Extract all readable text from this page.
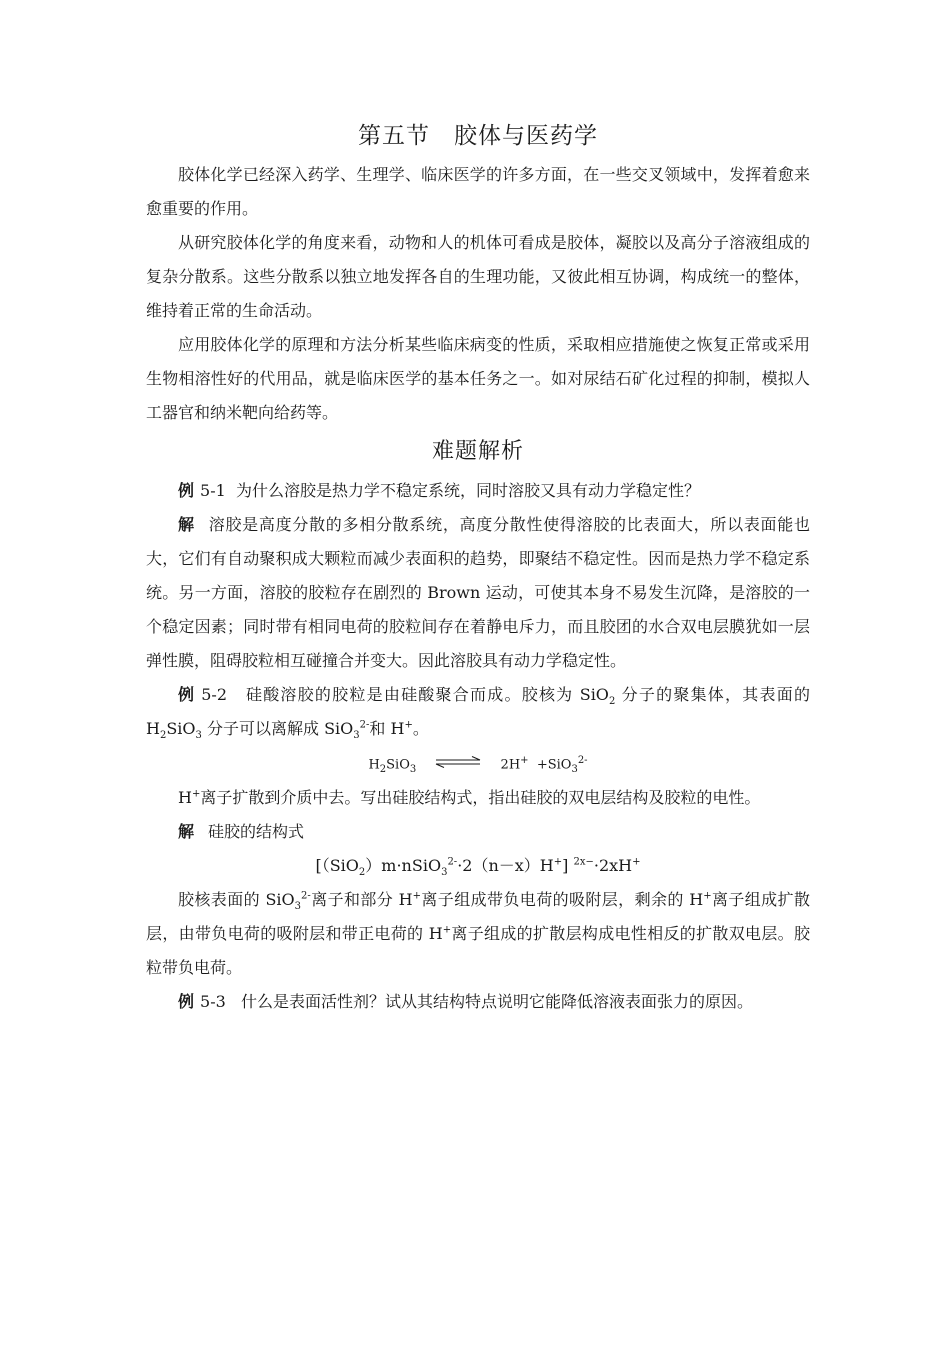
第五节　胶体与医药学

胶体化学已经深入药学、生理学、临床医学的许多方面，在一些交叉领域中，发挥着愈来愈重要的作用。

从研究胶体化学的角度来看，动物和人的机体可看成是胶体，凝胶以及高分子溶液组成的复杂分散系。这些分散系以独立地发挥各自的生理功能，又彼此相互协调，构成统一的整体，维持着正常的生命活动。

应用胶体化学的原理和方法分析某些临床病变的性质，采取相应措施使之恢复正常或采用生物相溶性好的代用品，就是临床医学的基本任务之一。如对尿结石矿化过程的抑制，模拟人工器官和纳米靶向给药等。

难题解析

例 5-1 为什么溶胶是热力学不稳定系统，同时溶胶又具有动力学稳定性？

解 溶胶是高度分散的多相分散系统，高度分散性使得溶胶的比表面大，所以表面能也大，它们有自动聚积成大颗粒而减少表面积的趋势，即聚结不稳定性。因而是热力学不稳定系统。另一方面，溶胶的胶粒存在剧烈的 Brown 运动，可使其本身不易发生沉降，是溶胶的一个稳定因素；同时带有相同电荷的胶粒间存在着静电斥力，而且胶团的水合双电层膜犹如一层弹性膜，阻碍胶粒相互碰撞合并变大。因此溶胶具有动力学稳定性。

例 5-2 硅酸溶胶的胶粒是由硅酸聚合而成。胶核为 SiO$_2$ 分子的聚集体，其表面的 $H_2SiO_3$ 分子可以离解成 SiO$_3^{2-}$和 H+。

$H_2SiO_3$ ⇌ 2H+ +SiO$_3^{2-}$

H+离子扩散到介质中去。写出硅胶结构式，指出硅胶的双电层结构及胶粒的电性。

解 硅胶的结构式

[（SiO$_2$）m·nSiO$_3^{2-}$·2（n－x）H+] $^{2x-}$·2xH+

胶核表面的 SiO$_3^{2-}$离子和部分 H+离子组成带负电荷的吸附层，剩余的 H+离子组成扩散层，由带负电荷的吸附层和带正电荷的 H+离子组成的扩散层构成电性相反的扩散双电层。胶粒带负电荷。

例 5-3 什么是表面活性剂？试从其结构特点说明它能降低溶液表面张力的原因。
